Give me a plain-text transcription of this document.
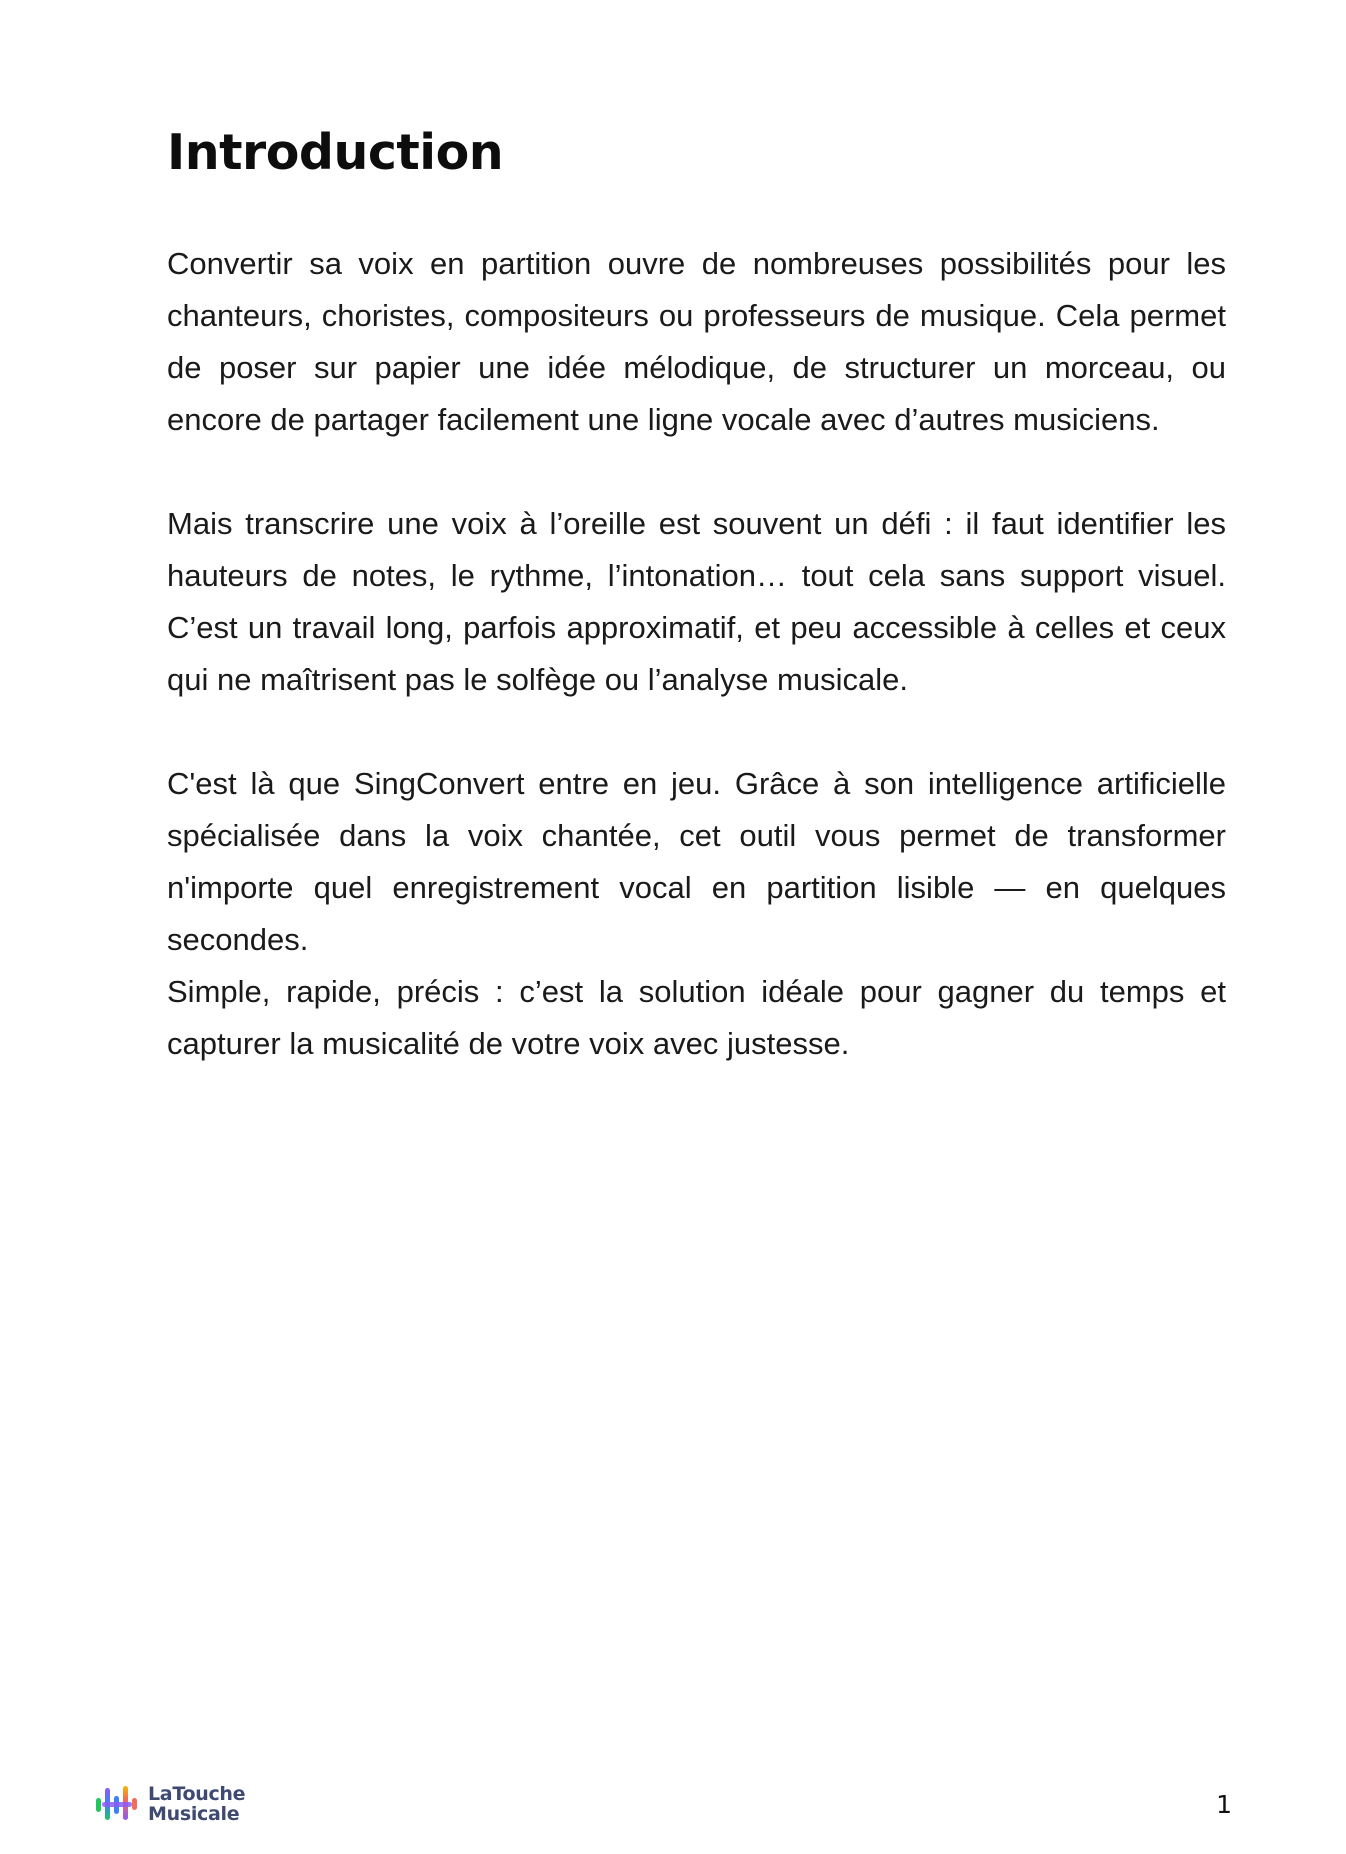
Introduction

Convertir sa voix en partition ouvre de nombreuses possibilités pour les chanteurs, choristes, compositeurs ou professeurs de musique. Cela permet de poser sur papier une idée mélodique, de structurer un morceau, ou encore de partager facilement une ligne vocale avec d’autres musiciens.

Mais transcrire une voix à l’oreille est souvent un défi : il faut identifier les hauteurs de notes, le rythme, l’intonation… tout cela sans support visuel. C’est un travail long, parfois approximatif, et peu accessible à celles et ceux qui ne maîtrisent pas le solfège ou l’analyse musicale.

C'est là que SingConvert entre en jeu. Grâce à son intelligence artificielle spécialisée dans la voix chantée, cet outil vous permet de transformer n'importe quel enregistrement vocal en partition lisible — en quelques secondes.

Simple, rapide, précis : c’est la solution idéale pour gagner du temps et capturer la musicalité de votre voix avec justesse.

LaTouche
Musicale	1
